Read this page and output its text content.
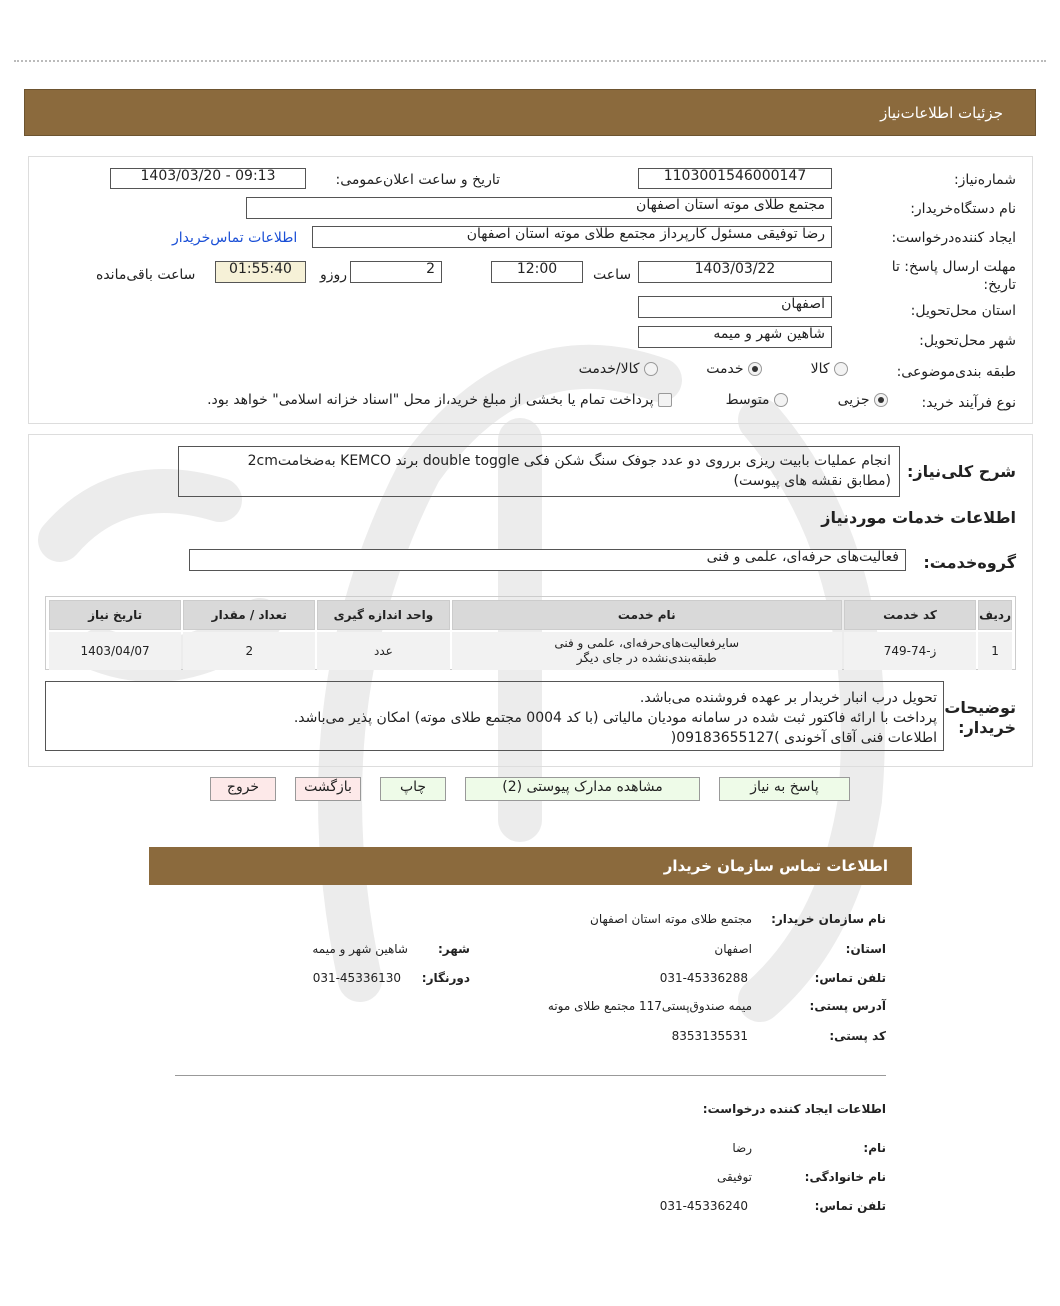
جزئیات اطلاعات‌نیاز
شماره‌نیاز:
1103001546000147
تاریخ و ساعت اعلان‌عمومی:
1403/03/20 - 09:13
نام دستگاه‌خریدار:
مجتمع طلای موته استان اصفهان
ایجاد کننده‌درخواست:
رضا توفیقی مسئول کارپرداز مجتمع طلای موته استان اصفهان
اطلاعات تماس‌خریدار
مهلت ارسال پاسخ: تا
تاریخ:
1403/03/22
ساعت
12:00
2
روزو
01:55:40
ساعت باقی‌مانده
استان محل‌تحویل:
اصفهان
شهر محل‌تحویل:
شاهین شهر و میمه
طبقه بندی‌موضوعی:
کالا
خدمت
کالا/خدمت
نوع فرآیند خرید:
جزیی
متوسط
پرداخت تمام یا بخشی از مبلغ خرید،از محل "اسناد خزانه اسلامی" خواهد بود.
شرح کلی‌نیاز:
انجام عملیات بابیت ریزی برروی دو عدد جوفک سنگ شکن فکی double toggle برند KEMCO به‌ضخامت2cm
(مطابق نقشه های پیوست)
اطلاعات خدمات موردنیاز
گروه‌خدمت:
فعالیت‌های حرفه‌ای، علمی و فنی
ردیف	کد خدمت	نام خدمت	واحد اندازه گیری	تعداد / مقدار	تاریخ نیاز
1	ز-74-749	سایرفعالیت‌های‌حرفه‌ای، علمی و فنی
طبقه‌بندی‌نشده در جای دیگر	عدد	2	1403/04/07
توضیحات
خریدار:
تحویل درب انبار خریدار بر عهده فروشنده می‌باشد.
پرداخت با ارائه فاکتور ثبت شده در سامانه مودیان مالیاتی (با کد 0004 مجتمع طلای موته) امکان پذیر می‌باشد.
اطلاعات فنی آقای آخوندی )09183655127(
پاسخ به نیاز
مشاهده مدارک پیوستی (2)
چاپ
بازگشت
خروج
اطلاعات تماس سازمان خریدار
نام سازمان خریدار:
مجتمع طلای موته استان اصفهان
استان:
اصفهان
شهر:
شاهین شهر و میمه
تلفن تماس:
031-45336288
دورنگار:
031-45336130
آدرس پستی:
میمه صندوق‌پستی117 مجتمع طلای موته
کد پستی:
8353135531
اطلاعات ایجاد کننده درخواست:
نام:
رضا
نام خانوادگی:
توفیقی
تلفن تماس:
031-45336240
